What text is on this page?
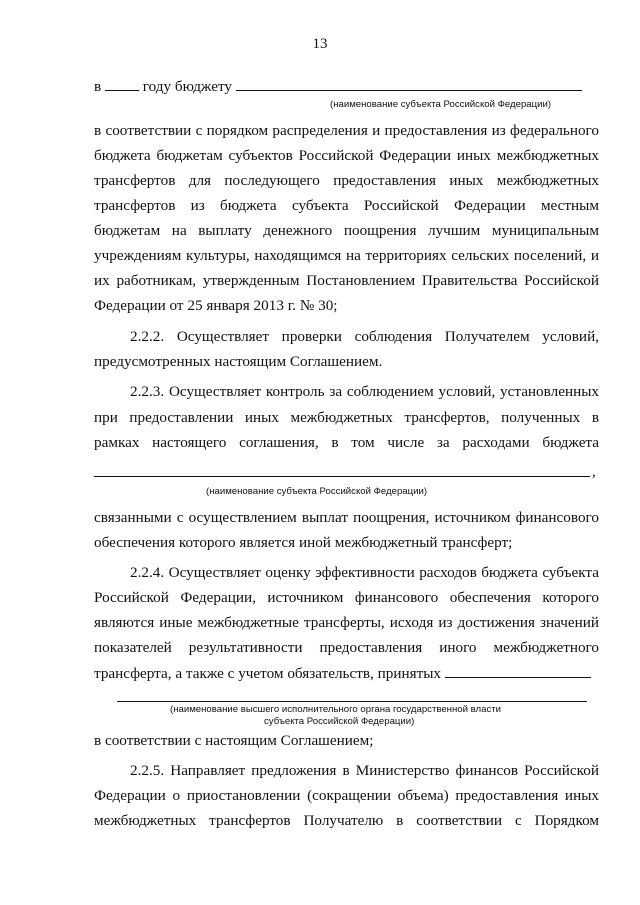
13
в	году бюджету
(наименование субъекта Российской Федерации)
в соответствии с порядком распределения и предоставления из федерального
бюджета бюджетам субъектов Российской Федерации иных межбюджетных
трансфертов для последующего предоставления иных межбюджетных
трансфертов из бюджета субъекта Российской Федерации местным
бюджетам на выплату денежного поощрения лучшим муниципальным
учреждениям культуры, находящимся на территориях сельских поселений, и
их работникам, утвержденным Постановлением Правительства Российской
Федерации от 25 января 2013 г. № 30;
2.2.2. Осуществляет проверки соблюдения Получателем условий,
предусмотренных настоящим Соглашением.
2.2.3. Осуществляет контроль за соблюдением условий, установленных
при предоставлении иных межбюджетных трансфертов, полученных в
рамках настоящего соглашения, в том числе за расходами бюджета
,
(наименование субъекта Российской Федерации)
связанными с осуществлением выплат поощрения, источником финансового
обеспечения которого является иной межбюджетный трансферт;
2.2.4. Осуществляет оценку эффективности расходов бюджета субъекта
Российской Федерации, источником финансового обеспечения которого
являются иные межбюджетные трансферты, исходя из достижения значений
показателей результативности предоставления иного межбюджетного
трансферта, а также с учетом обязательств, принятых
(наименование высшего исполнительного органа государственной власти
субъекта Российской Федерации)
в соответствии с настоящим Соглашением;
2.2.5. Направляет предложения в Министерство финансов Российской
Федерации о приостановлении (сокращении объема) предоставления иных
межбюджетных трансфертов Получателю в соответствии с Порядком
